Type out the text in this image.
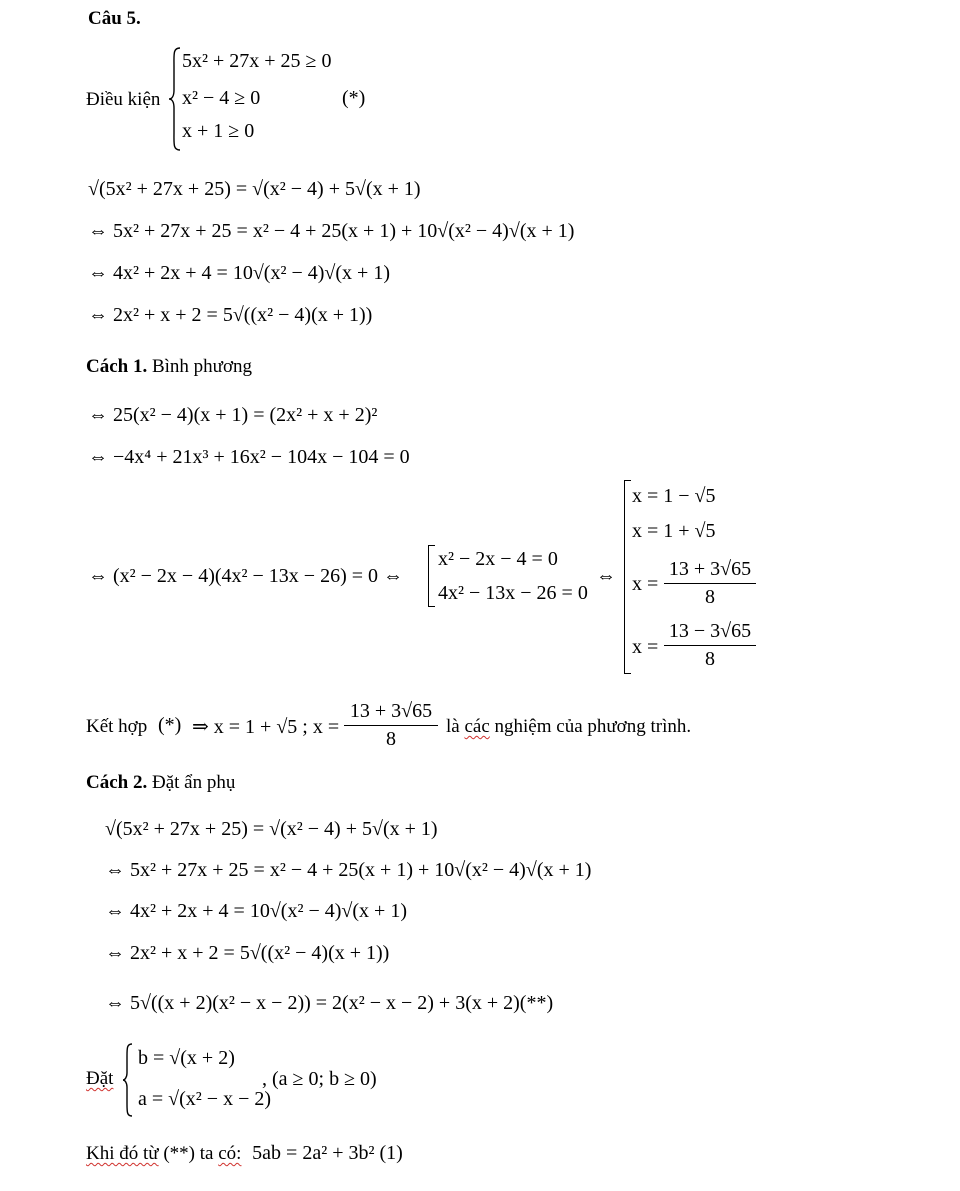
Câu 5.
Điều kiện
5x² + 27x + 25 ≥ 0
x² − 4 ≥ 0
x + 1 ≥ 0
(*)
√(5x² + 27x + 25) = √(x² − 4) + 5√(x + 1)
⇔ 5x² + 27x + 25 = x² − 4 + 25(x + 1) + 10√(x² − 4)√(x + 1)
⇔ 4x² + 2x + 4 = 10√(x² − 4)√(x + 1)
⇔ 2x² + x + 2 = 5√((x² − 4)(x + 1))
Cách 1. Bình phương
⇔ 25(x² − 4)(x + 1) = (2x² + x + 2)²
⇔ −4x⁴ + 21x³ + 16x² − 104x − 104 = 0
⇔ (x² − 2x − 4)(4x² − 13x − 26) = 0 ⇔
x² − 2x − 4 = 0
4x² − 13x − 26 = 0
⇔
x = 1 − √5
x = 1 + √5
x =
13 + 3√65
8
x =
13 − 3√65
8
Kết hợp (*) ⇒ x = 1 + √5 ; x =
13 + 3√65
8
là các nghiệm của phương trình.
Cách 2. Đặt ẩn phụ
√(5x² + 27x + 25) = √(x² − 4) + 5√(x + 1)
⇔ 5x² + 27x + 25 = x² − 4 + 25(x + 1) + 10√(x² − 4)√(x + 1)
⇔ 4x² + 2x + 4 = 10√(x² − 4)√(x + 1)
⇔ 2x² + x + 2 = 5√((x² − 4)(x + 1))
⇔ 5√((x + 2)(x² − x − 2)) = 2(x² − x − 2) + 3(x + 2)(**)
Đặt
b = √(x + 2)
a = √(x² − x − 2)
, (a ≥ 0; b ≥ 0)
Khi đó từ (**) ta có: 5ab = 2a² + 3b² (1)
